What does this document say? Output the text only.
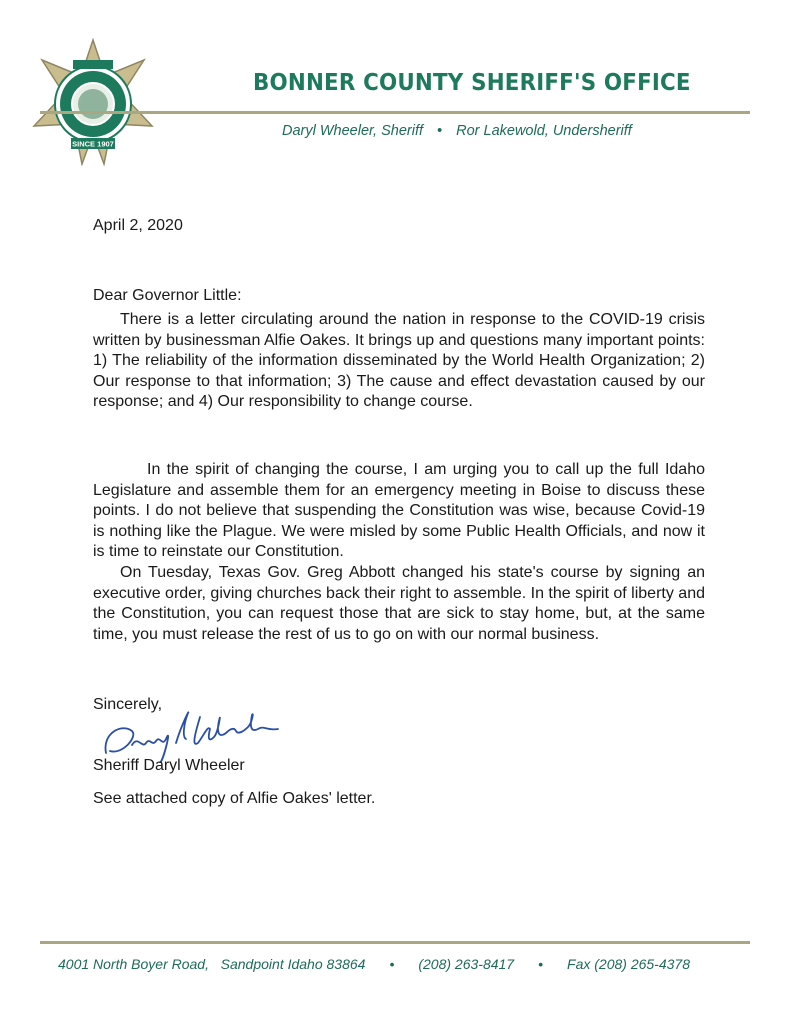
SINCE 1907
BONNER COUNTY SHERIFF'S OFFICE
Daryl Wheeler, Sheriff • Ror Lakewold, Undersheriff
April 2, 2020
Dear Governor Little:

There is a letter circulating around the nation in response to the COVID-19 crisis written by businessman Alfie Oakes. It brings up and questions many important points: 1) The reliability of the information disseminated by the World Health Organization; 2) Our response to that information; 3) The cause and effect devastation caused by our response; and 4) Our responsibility to change course.

In the spirit of changing the course, I am urging you to call up the full Idaho Legislature and assemble them for an emergency meeting in Boise to discuss these points. I do not believe that suspending the Constitution was wise, because Covid-19 is nothing like the Plague. We were misled by some Public Health Officials, and now it is time to reinstate our Constitution.

On Tuesday, Texas Gov. Greg Abbott changed his state's course by signing an executive order, giving churches back their right to assemble. In the spirit of liberty and the Constitution, you can request those that are sick to stay home, but, at the same time, you must release the rest of us to go on with our normal business.

Sincerely,
Sheriff Daryl Wheeler
See attached copy of Alfie Oakes' letter.
4001 North Boyer Road,   Sandpoint Idaho 83864 • (208) 263-8417 • Fax (208) 265-4378
